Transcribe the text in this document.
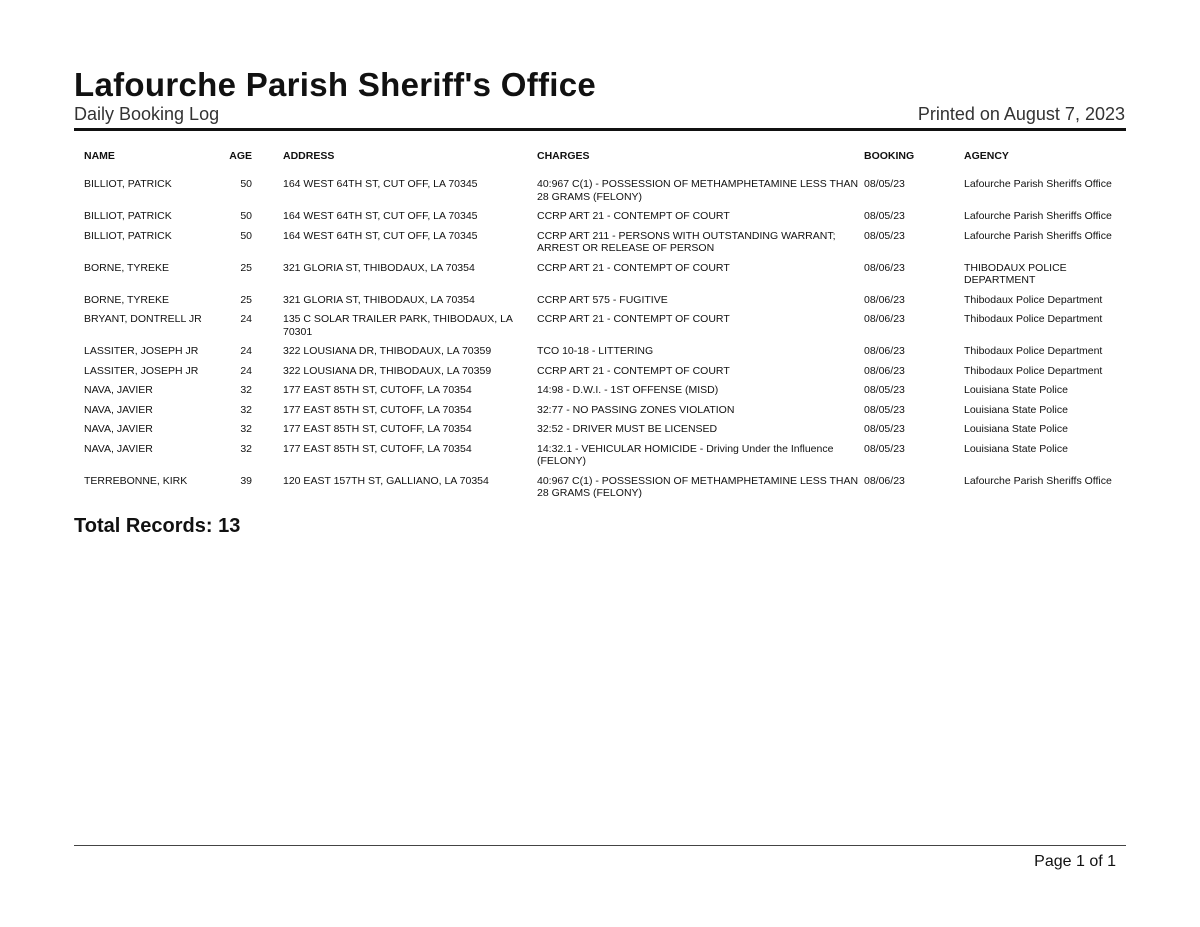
Lafourche Parish Sheriff's Office
Daily Booking Log	Printed on August 7, 2023
NAME	AGE	ADDRESS	CHARGES	BOOKING	AGENCY
BILLIOT, PATRICK	50	164 WEST 64TH ST, CUT OFF, LA 70345	40:967 C(1) - POSSESSION OF METHAMPHETAMINE LESS THAN 28 GRAMS (FELONY)	08/05/23	Lafourche Parish Sheriffs Office
BILLIOT, PATRICK	50	164 WEST 64TH ST, CUT OFF, LA 70345	CCRP ART 21 - CONTEMPT OF COURT	08/05/23	Lafourche Parish Sheriffs Office
BILLIOT, PATRICK	50	164 WEST 64TH ST, CUT OFF, LA 70345	CCRP ART 211 - PERSONS WITH OUTSTANDING WARRANT; ARREST OR RELEASE OF PERSON	08/05/23	Lafourche Parish Sheriffs Office
BORNE, TYREKE	25	321 GLORIA ST, THIBODAUX, LA 70354	CCRP ART 21 - CONTEMPT OF COURT	08/06/23	THIBODAUX POLICE DEPARTMENT
BORNE, TYREKE	25	321 GLORIA ST, THIBODAUX, LA 70354	CCRP ART 575 - FUGITIVE	08/06/23	Thibodaux Police Department
BRYANT, DONTRELL JR	24	135 C SOLAR TRAILER PARK, THIBODAUX, LA 70301	CCRP ART 21 - CONTEMPT OF COURT	08/06/23	Thibodaux Police Department
LASSITER, JOSEPH JR	24	322 LOUSIANA DR, THIBODAUX, LA 70359	TCO 10-18 - LITTERING	08/06/23	Thibodaux Police Department
LASSITER, JOSEPH JR	24	322 LOUSIANA DR, THIBODAUX, LA 70359	CCRP ART 21 - CONTEMPT OF COURT	08/06/23	Thibodaux Police Department
NAVA, JAVIER	32	177 EAST 85TH ST, CUTOFF, LA 70354	14:98 - D.W.I. - 1ST OFFENSE (MISD)	08/05/23	Louisiana State Police
NAVA, JAVIER	32	177 EAST 85TH ST, CUTOFF, LA 70354	32:77 - NO PASSING ZONES VIOLATION	08/05/23	Louisiana State Police
NAVA, JAVIER	32	177 EAST 85TH ST, CUTOFF, LA 70354	32:52 - DRIVER MUST BE LICENSED	08/05/23	Louisiana State Police
NAVA, JAVIER	32	177 EAST 85TH ST, CUTOFF, LA 70354	14:32.1 - VEHICULAR HOMICIDE - Driving Under the Influence (FELONY)	08/05/23	Louisiana State Police
TERREBONNE, KIRK	39	120 EAST 157TH ST, GALLIANO, LA 70354	40:967 C(1) - POSSESSION OF METHAMPHETAMINE LESS THAN 28 GRAMS (FELONY)	08/06/23	Lafourche Parish Sheriffs Office
Total Records: 13
Page 1 of 1
